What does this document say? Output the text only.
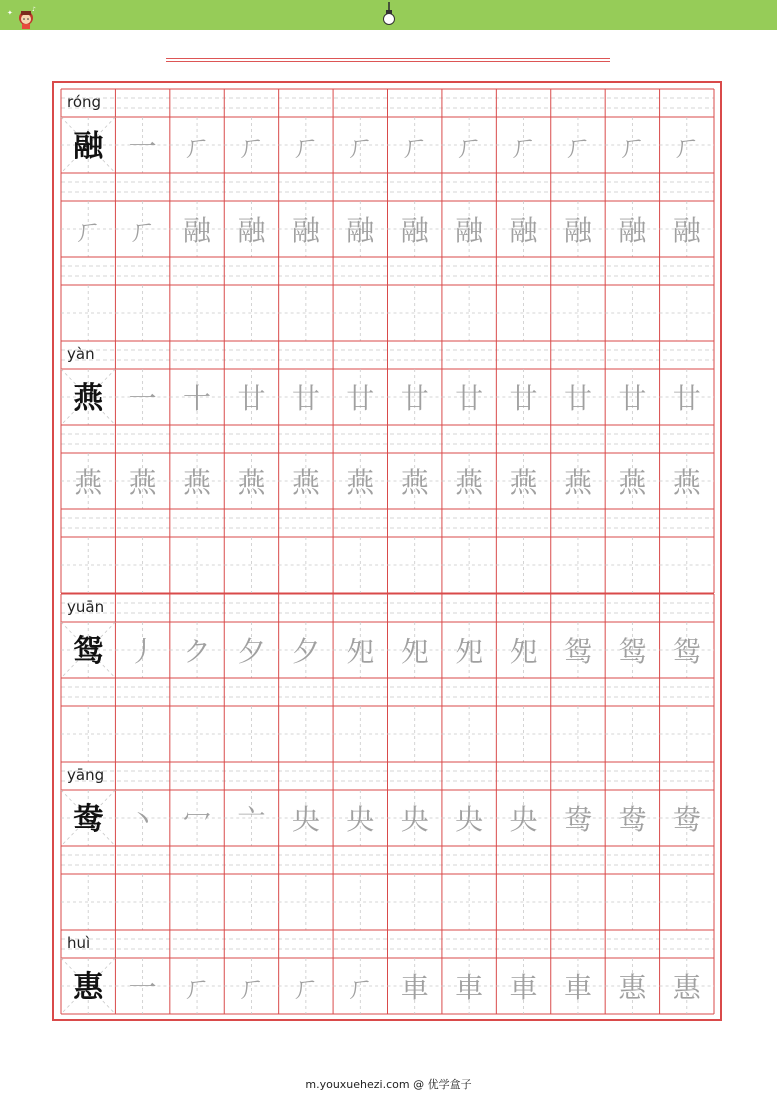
✦	♪
融 一 ㄏ ㄏ ㄏ ㄏ ㄏ ㄏ ㄏ ㄏ ㄏ ㄏ
ㄏ ㄏ 融 融 融 融 融 融 融 融 融 融
róng
燕 一 十 廿 廿 廿 廿 廿 廿 廿 廿 廿
燕 燕 燕 燕 燕 燕 燕 燕 燕 燕 燕 燕
yàn
鸳 丿 ク 夕 夕 夗 夗 夗 夗 鸳 鸳 鸳
yuān
鸯 丶 冖 亠 央 央 央 央 央 鸯 鸯 鸯
yāng
惠 一 ㄏ ㄏ ㄏ ㄏ 車 車 車 車 惠 惠
huì
m.youxuehezi.com @ 优学盒子
